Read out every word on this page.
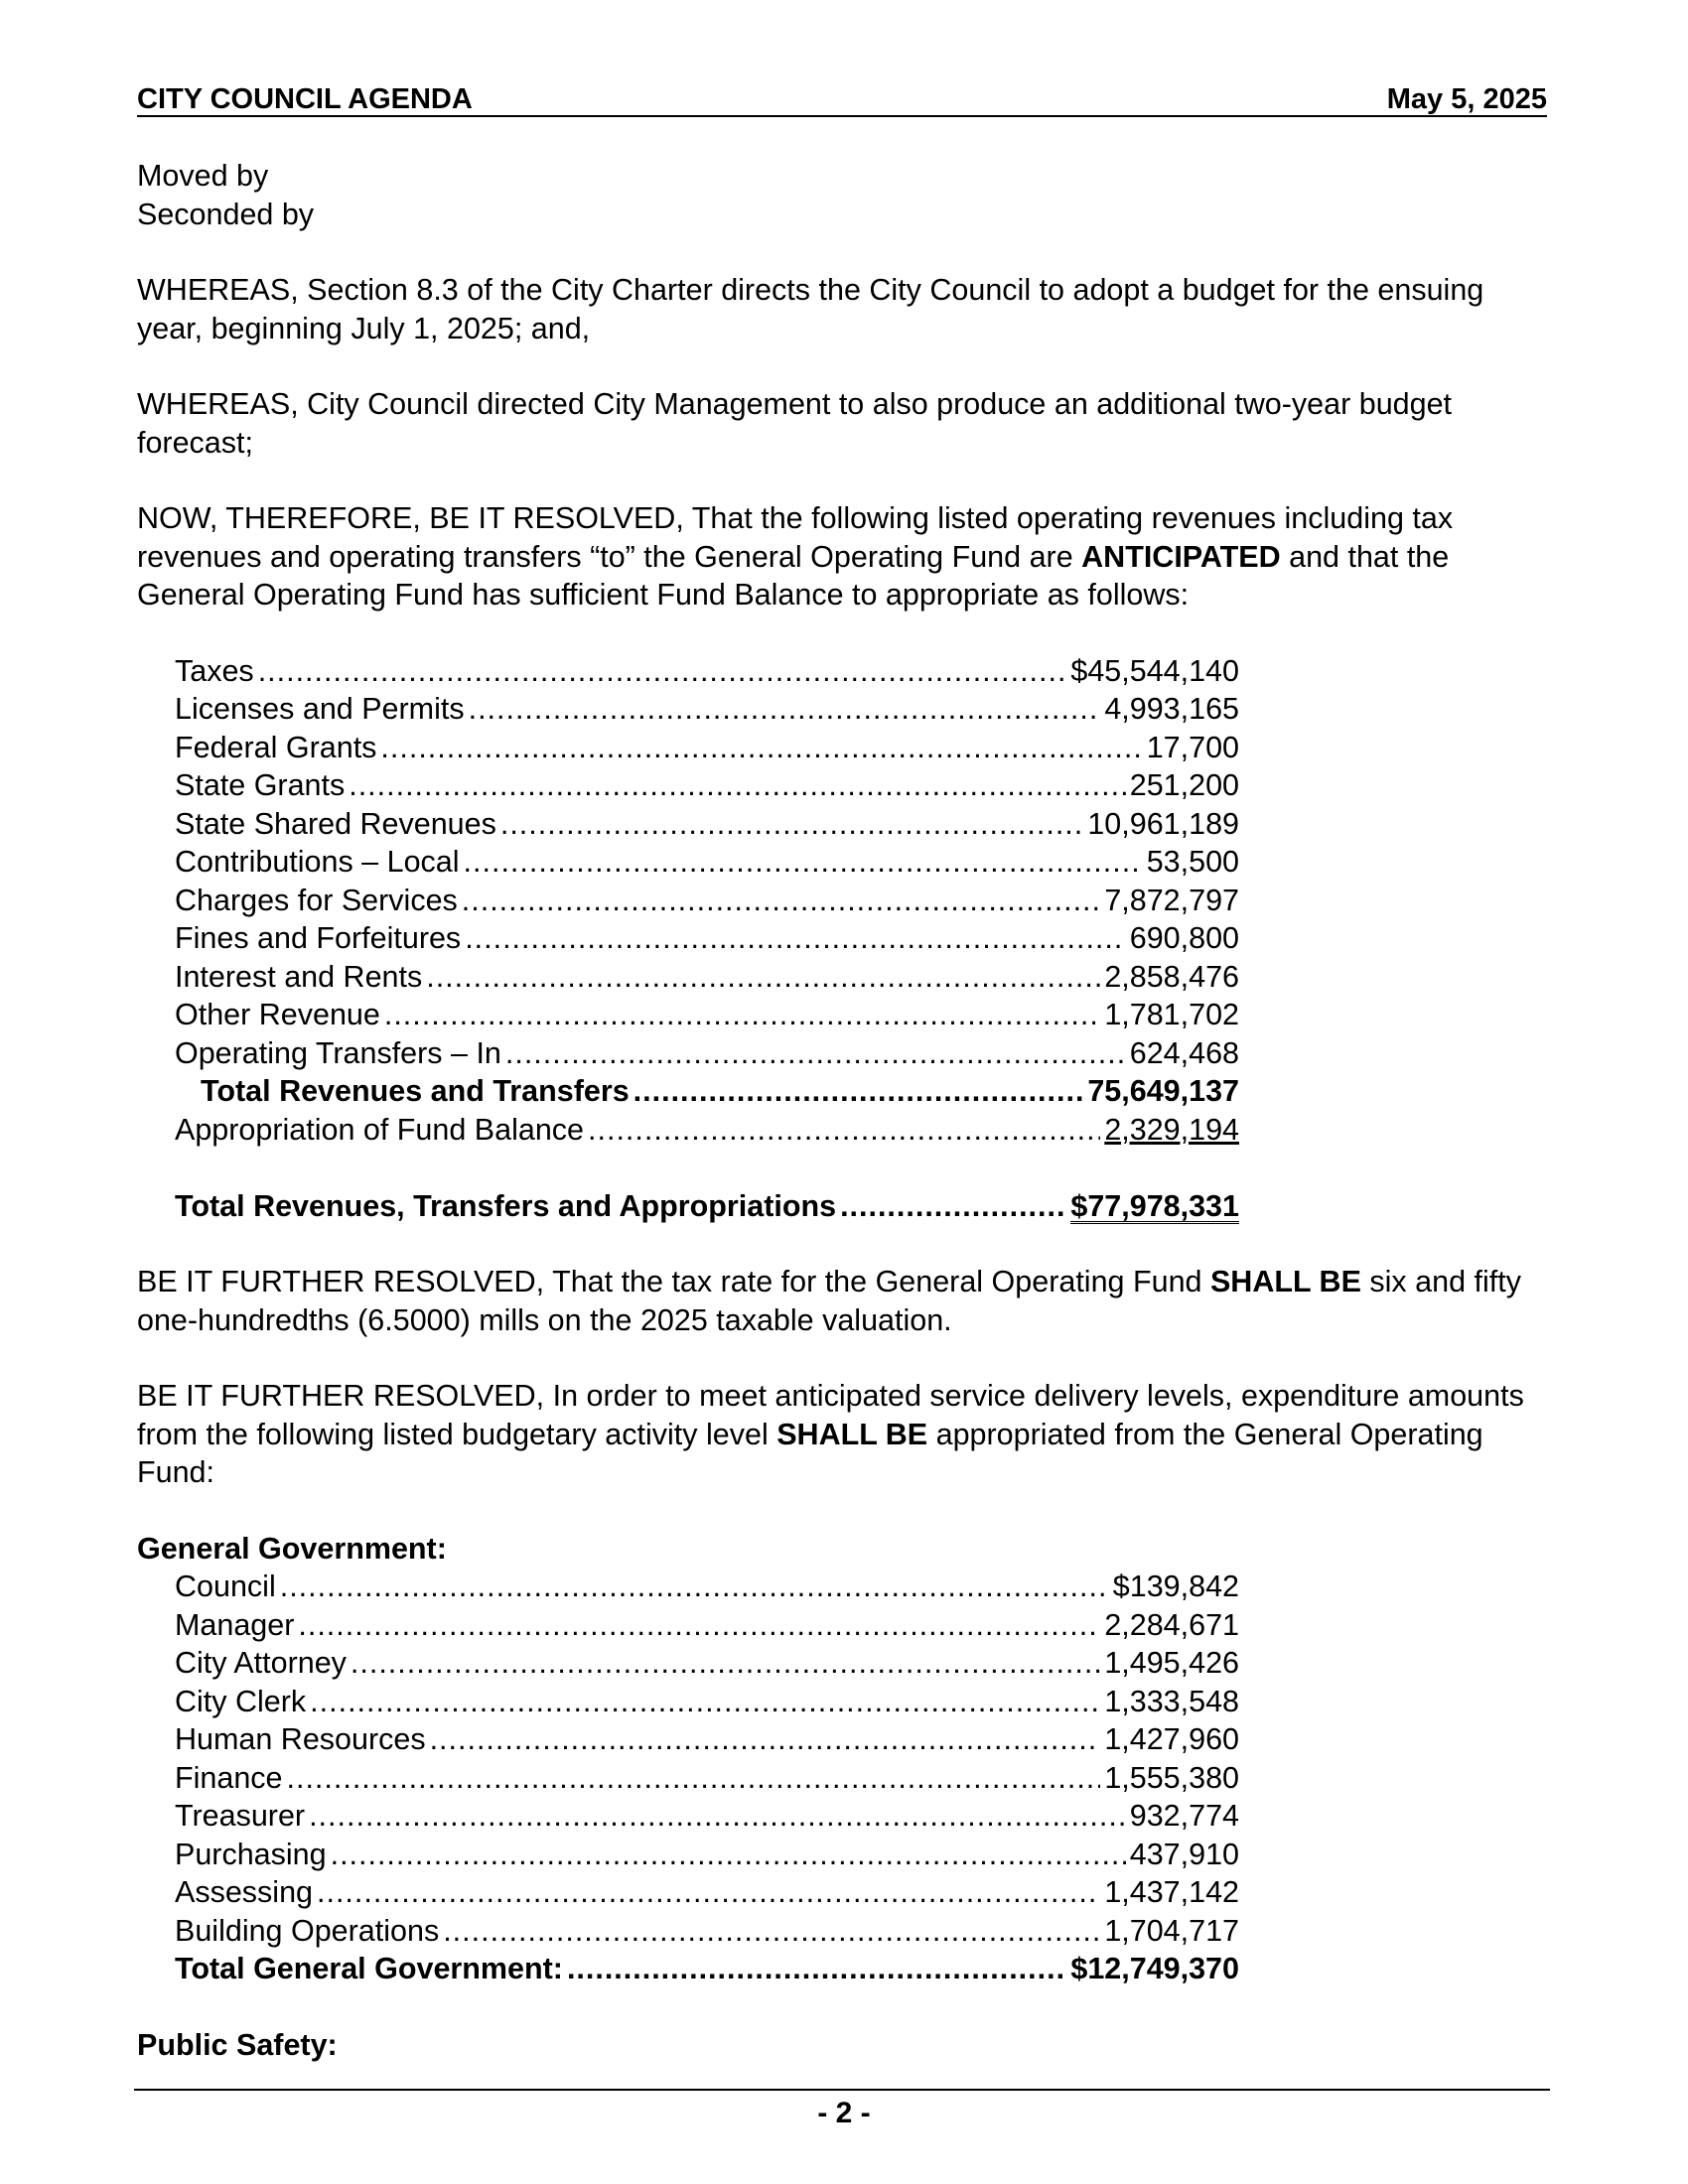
CITY COUNCIL AGENDA	May 5, 2025
Moved by
Seconded by

WHEREAS, Section 8.3 of the City Charter directs the City Council to adopt a budget for the ensuing year, beginning July 1, 2025; and,

WHEREAS, City Council directed City Management to also produce an additional two-year budget forecast;

NOW, THEREFORE, BE IT RESOLVED, That the following listed operating revenues including tax revenues and operating transfers “to” the General Operating Fund are ANTICIPATED and that the General Operating Fund has sufficient Fund Balance to appropriate as follows:

Taxes .....	$45,544,140
Licenses and Permits .....	4,993,165
Federal Grants .....	17,700
State Grants .....	251,200
State Shared Revenues .....	10,961,189
Contributions – Local .....	53,500
Charges for Services .....	7,872,797
Fines and Forfeitures .....	690,800
Interest and Rents .....	2,858,476
Other Revenue .....	1,781,702
Operating Transfers – In .....	624,468
Total Revenues and Transfers .....	75,649,137
Appropriation of Fund Balance .....	2,329,194
Total Revenues, Transfers and Appropriations .....	$77,978,331

BE IT FURTHER RESOLVED, That the tax rate for the General Operating Fund SHALL BE six and fifty one-hundredths (6.5000) mills on the 2025 taxable valuation.

BE IT FURTHER RESOLVED, In order to meet anticipated service delivery levels, expenditure amounts from the following listed budgetary activity level SHALL BE appropriated from the General Operating Fund:

General Government:
Council .....	$139,842
Manager .....	2,284,671
City Attorney .....	1,495,426
City Clerk .....	1,333,548
Human Resources .....	1,427,960
Finance .....	1,555,380
Treasurer .....	932,774
Purchasing .....	437,910
Assessing .....	1,437,142
Building Operations .....	1,704,717
Total General Government: .....	$12,749,370
Public Safety:
- 2 -
